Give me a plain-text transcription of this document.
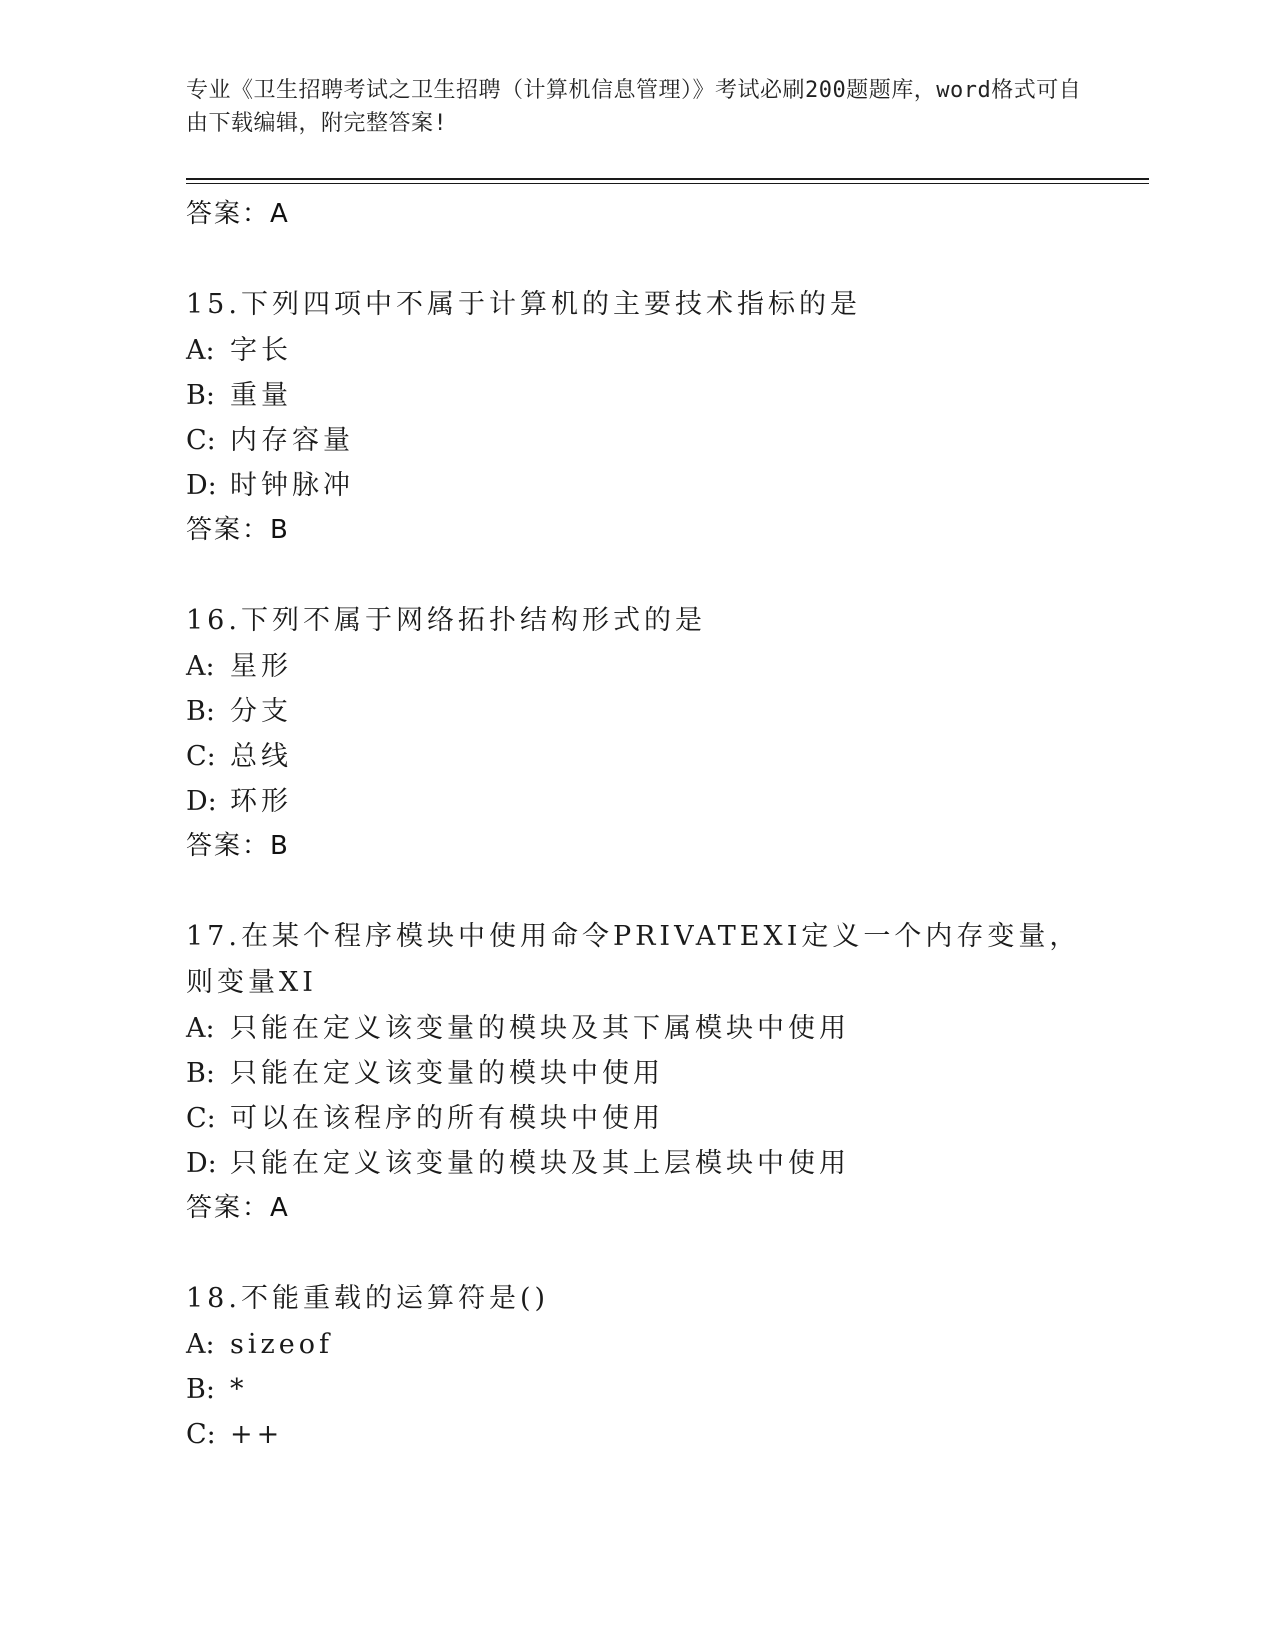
专业《卫生招聘考试之卫生招聘（计算机信息管理）》考试必刷200题题库，word格式可自由下载编辑，附完整答案!
答案：A
15.下列四项中不属于计算机的主要技术指标的是
A: 字长
B: 重量
C: 内存容量
D: 时钟脉冲
答案：B
16.下列不属于网络拓扑结构形式的是
A: 星形
B: 分支
C: 总线
D: 环形
答案：B
17.在某个程序模块中使用命令PRIVATEXI定义一个内存变量，则变量XI
A: 只能在定义该变量的模块及其下属模块中使用
B: 只能在定义该变量的模块中使用
C: 可以在该程序的所有模块中使用
D: 只能在定义该变量的模块及其上层模块中使用
答案：A
18.不能重载的运算符是()
A: sizeof
B: *
C: ++
